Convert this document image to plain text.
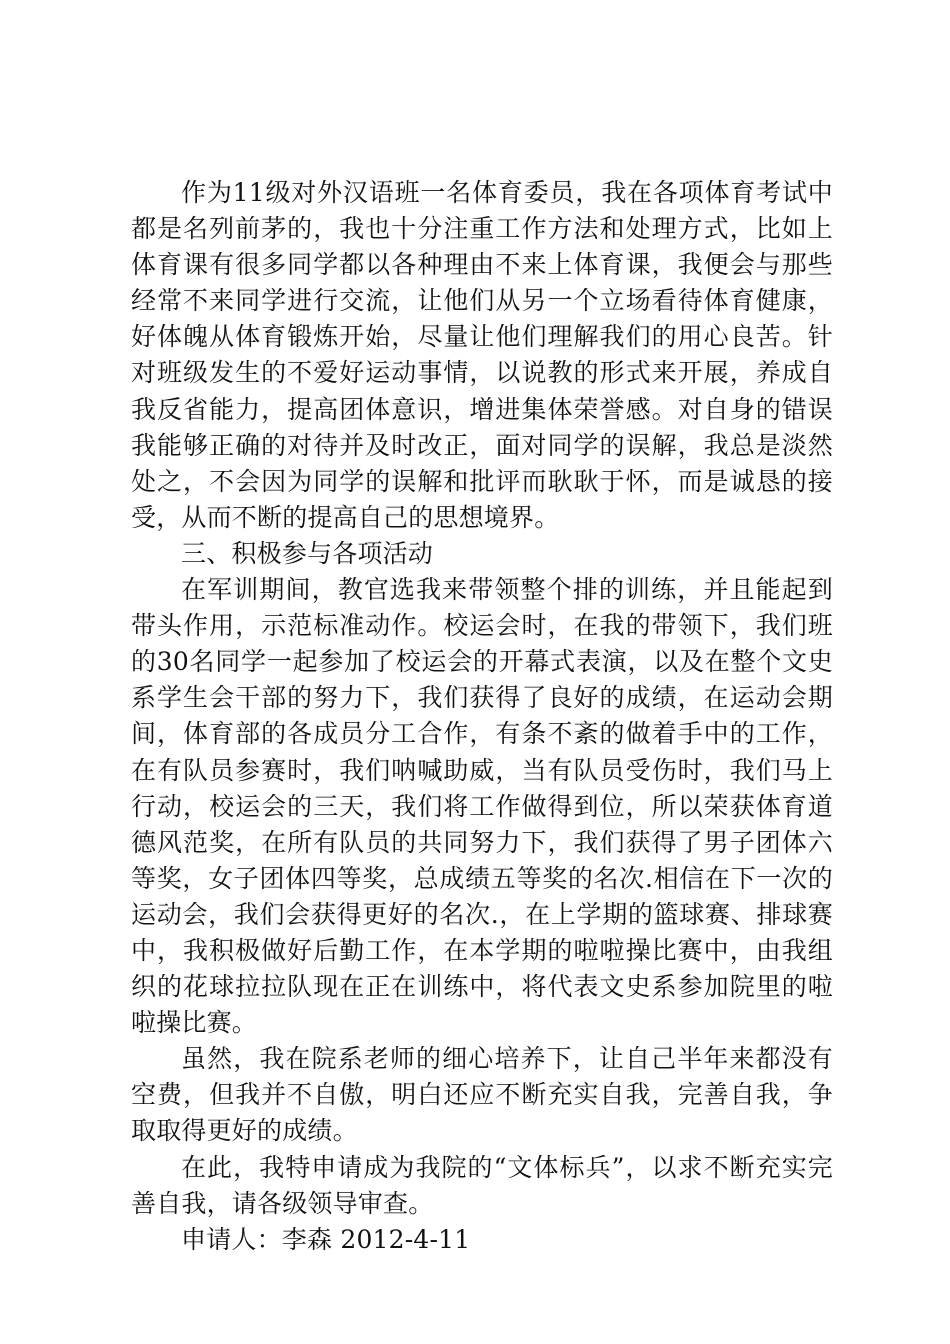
作为11级对外汉语班一名体育委员，我在各项体育考试中都是名列前茅的，我也十分注重工作方法和处理方式，比如上体育课有很多同学都以各种理由不来上体育课，我便会与那些经常不来同学进行交流，让他们从另一个立场看待体育健康，好体魄从体育锻炼开始，尽量让他们理解我们的用心良苦。针对班级发生的不爱好运动事情，以说教的形式来开展，养成自我反省能力，提高团体意识，增进集体荣誉感。对自身的错误我能够正确的对待并及时改正，面对同学的误解，我总是淡然处之，不会因为同学的误解和批评而耿耿于怀，而是诚恳的接受，从而不断的提高自己的思想境界。

三、积极参与各项活动

在军训期间，教官选我来带领整个排的训练，并且能起到带头作用，示范标准动作。校运会时，在我的带领下，我们班的30名同学一起参加了校运会的开幕式表演，以及在整个文史系学生会干部的努力下，我们获得了良好的成绩，在运动会期间，体育部的各成员分工合作，有条不紊的做着手中的工作，在有队员参赛时，我们呐喊助威，当有队员受伤时，我们马上行动，校运会的三天，我们将工作做得到位，所以荣获体育道德风范奖，在所有队员的共同努力下，我们获得了男子团体六等奖，女子团体四等奖，总成绩五等奖的名次.相信在下一次的运动会，我们会获得更好的名次.，在上学期的篮球赛、排球赛中，我积极做好后勤工作，在本学期的啦啦操比赛中，由我组织的花球拉拉队现在正在训练中，将代表文史系参加院里的啦啦操比赛。

虽然，我在院系老师的细心培养下，让自己半年来都没有空费，但我并不自傲，明白还应不断充实自我，完善自我，争取取得更好的成绩。

在此，我特申请成为我院的“文体标兵”，以求不断充实完善自我，请各级领导审查。

申请人：李森 2012-4-11
